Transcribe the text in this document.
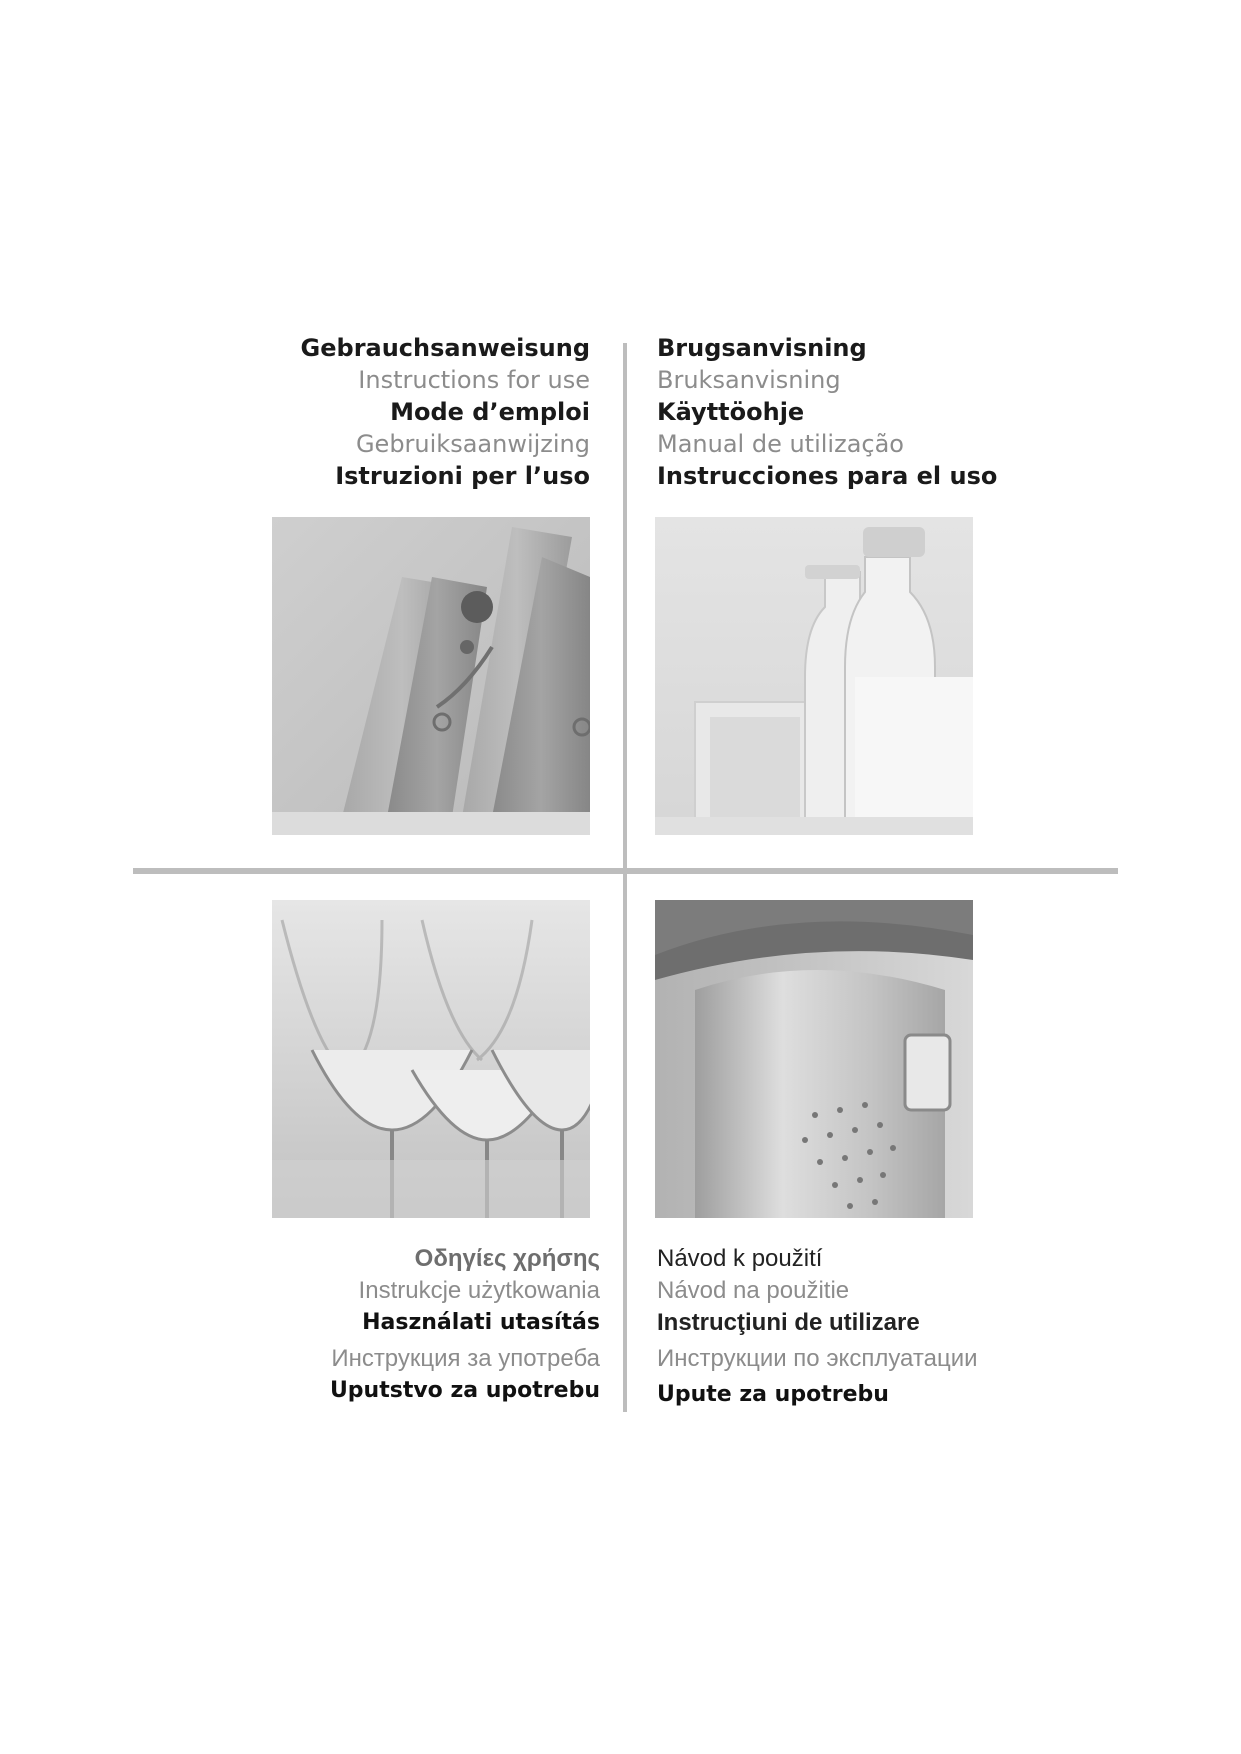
Gebrauchsanweisung
Instructions for use
Mode d’emploi
Gebruiksaanwijzing
Istruzioni per l’uso
Brugsanvisning
Bruksanvisning
Käyttöohje
Manual de utilização
Instrucciones para el uso
Οδηγίες χρήσης
Instrukcje użytkowania
Használati utasítás
Инструкция за употреба
Uputstvo za upotrebu
Návod k použití
Návod na použitie
Instrucţiuni de utilizare
Инструкции по эксплуатации
Upute za upotrebu
